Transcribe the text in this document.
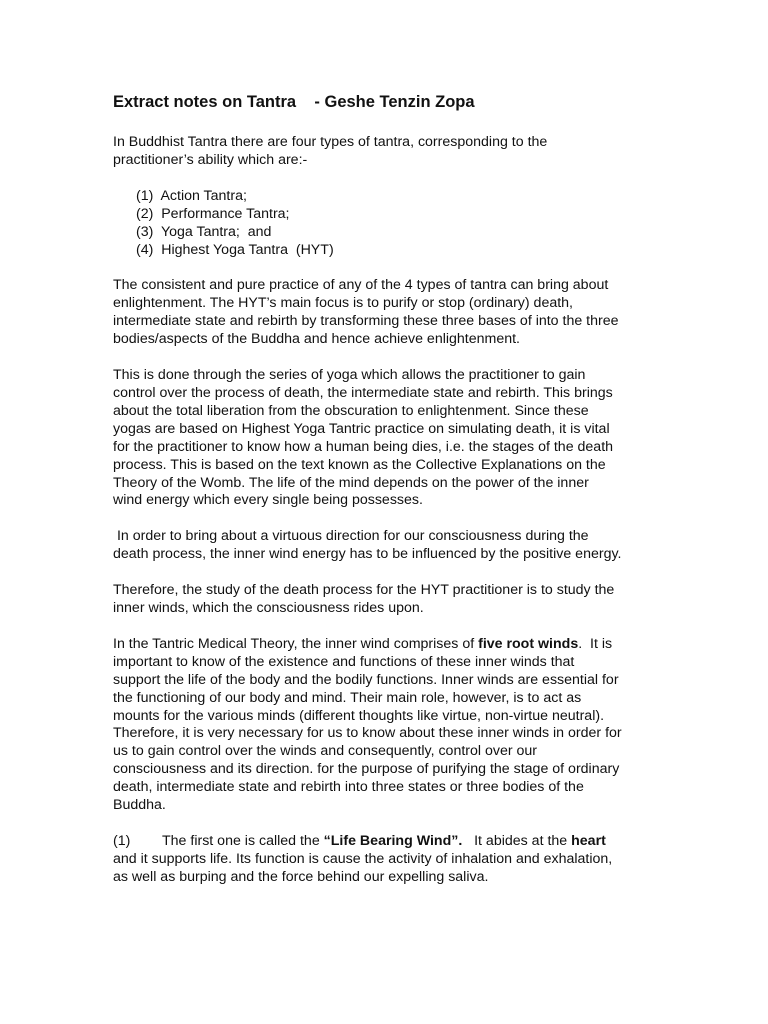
Extract notes on Tantra    - Geshe Tenzin Zopa

In Buddhist Tantra there are four types of tantra, corresponding to the
practitioner’s ability which are:-

(1)  Action Tantra;
(2)  Performance Tantra;
(3)  Yoga Tantra;  and
(4)  Highest Yoga Tantra  (HYT)

The consistent and pure practice of any of the 4 types of tantra can bring about
enlightenment. The HYT’s main focus is to purify or stop (ordinary) death,
intermediate state and rebirth by transforming these three bases of into the three
bodies/aspects of the Buddha and hence achieve enlightenment.

This is done through the series of yoga which allows the practitioner to gain
control over the process of death, the intermediate state and rebirth. This brings
about the total liberation from the obscuration to enlightenment. Since these
yogas are based on Highest Yoga Tantric practice on simulating death, it is vital
for the practitioner to know how a human being dies, i.e. the stages of the death
process. This is based on the text known as the Collective Explanations on the
Theory of the Womb. The life of the mind depends on the power of the inner
wind energy which every single being possesses.

In order to bring about a virtuous direction for our consciousness during the
death process, the inner wind energy has to be influenced by the positive energy.

Therefore, the study of the death process for the HYT practitioner is to study the
inner winds, which the consciousness rides upon.

In the Tantric Medical Theory, the inner wind comprises of five root winds.  It is
important to know of the existence and functions of these inner winds that
support the life of the body and the bodily functions. Inner winds are essential for
the functioning of our body and mind. Their main role, however, is to act as
mounts for the various minds (different thoughts like virtue, non-virtue neutral).
Therefore, it is very necessary for us to know about these inner winds in order for
us to gain control over the winds and consequently, control over our
consciousness and its direction. for the purpose of purifying the stage of ordinary
death, intermediate state and rebirth into three states or three bodies of the
Buddha.

(1) The first one is called the “Life Bearing Wind”.   It abides at the heart
and it supports life. Its function is cause the activity of inhalation and exhalation,
as well as burping and the force behind our expelling saliva.
